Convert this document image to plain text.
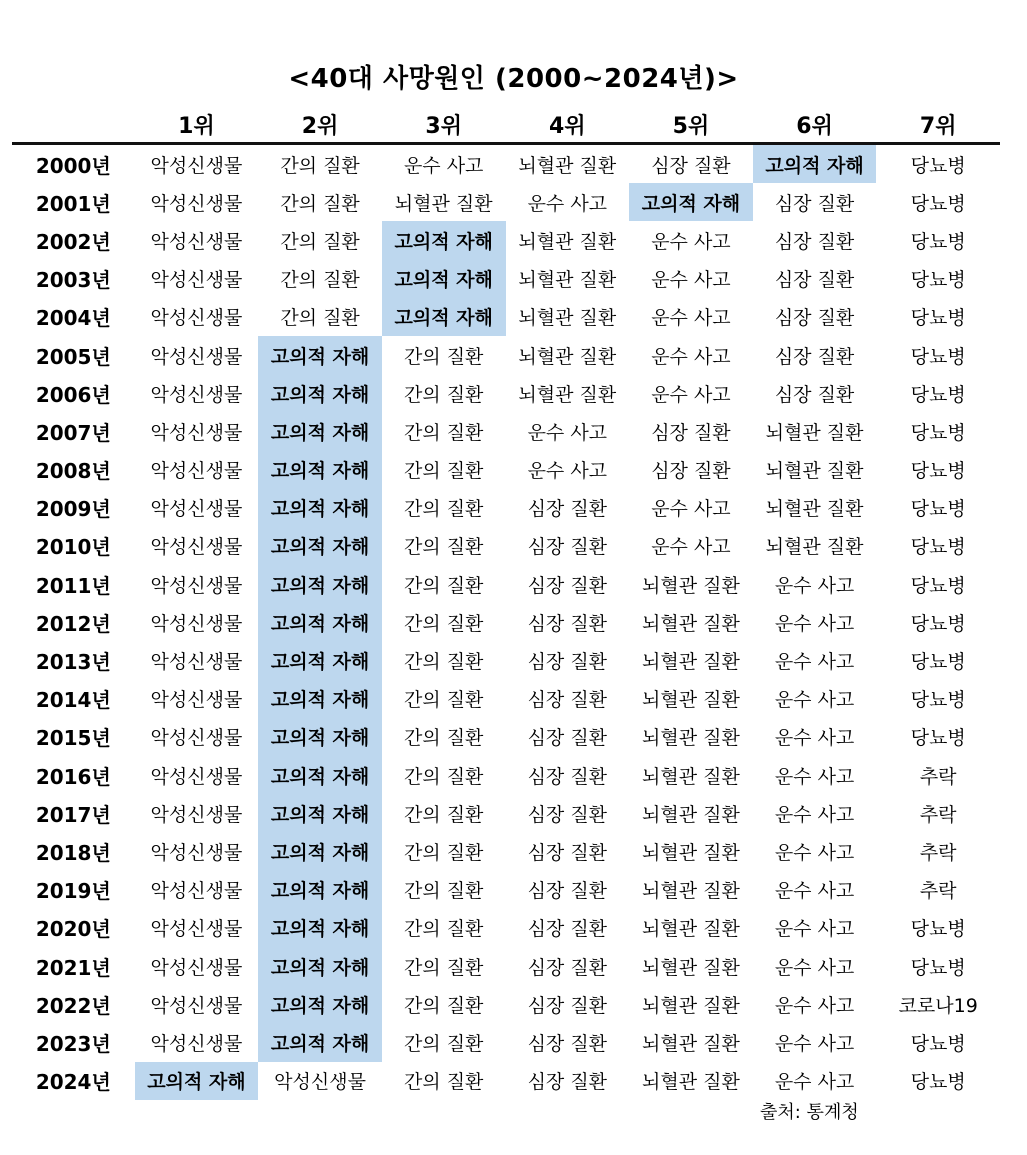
<40대 사망원인 (2000~2024년)>
1위	2위	3위	4위	5위	6위	7위
2000년	악성신생물	간의 질환	운수 사고	뇌혈관 질환	심장 질환	고의적 자해	당뇨병
2001년	악성신생물	간의 질환	뇌혈관 질환	운수 사고	고의적 자해	심장 질환	당뇨병
2002년	악성신생물	간의 질환	고의적 자해	뇌혈관 질환	운수 사고	심장 질환	당뇨병
2003년	악성신생물	간의 질환	고의적 자해	뇌혈관 질환	운수 사고	심장 질환	당뇨병
2004년	악성신생물	간의 질환	고의적 자해	뇌혈관 질환	운수 사고	심장 질환	당뇨병
2005년	악성신생물	고의적 자해	간의 질환	뇌혈관 질환	운수 사고	심장 질환	당뇨병
2006년	악성신생물	고의적 자해	간의 질환	뇌혈관 질환	운수 사고	심장 질환	당뇨병
2007년	악성신생물	고의적 자해	간의 질환	운수 사고	심장 질환	뇌혈관 질환	당뇨병
2008년	악성신생물	고의적 자해	간의 질환	운수 사고	심장 질환	뇌혈관 질환	당뇨병
2009년	악성신생물	고의적 자해	간의 질환	심장 질환	운수 사고	뇌혈관 질환	당뇨병
2010년	악성신생물	고의적 자해	간의 질환	심장 질환	운수 사고	뇌혈관 질환	당뇨병
2011년	악성신생물	고의적 자해	간의 질환	심장 질환	뇌혈관 질환	운수 사고	당뇨병
2012년	악성신생물	고의적 자해	간의 질환	심장 질환	뇌혈관 질환	운수 사고	당뇨병
2013년	악성신생물	고의적 자해	간의 질환	심장 질환	뇌혈관 질환	운수 사고	당뇨병
2014년	악성신생물	고의적 자해	간의 질환	심장 질환	뇌혈관 질환	운수 사고	당뇨병
2015년	악성신생물	고의적 자해	간의 질환	심장 질환	뇌혈관 질환	운수 사고	당뇨병
2016년	악성신생물	고의적 자해	간의 질환	심장 질환	뇌혈관 질환	운수 사고	추락
2017년	악성신생물	고의적 자해	간의 질환	심장 질환	뇌혈관 질환	운수 사고	추락
2018년	악성신생물	고의적 자해	간의 질환	심장 질환	뇌혈관 질환	운수 사고	추락
2019년	악성신생물	고의적 자해	간의 질환	심장 질환	뇌혈관 질환	운수 사고	추락
2020년	악성신생물	고의적 자해	간의 질환	심장 질환	뇌혈관 질환	운수 사고	당뇨병
2021년	악성신생물	고의적 자해	간의 질환	심장 질환	뇌혈관 질환	운수 사고	당뇨병
2022년	악성신생물	고의적 자해	간의 질환	심장 질환	뇌혈관 질환	운수 사고	코로나19
2023년	악성신생물	고의적 자해	간의 질환	심장 질환	뇌혈관 질환	운수 사고	당뇨병
2024년	고의적 자해	악성신생물	간의 질환	심장 질환	뇌혈관 질환	운수 사고	당뇨병
출처: 통계청
